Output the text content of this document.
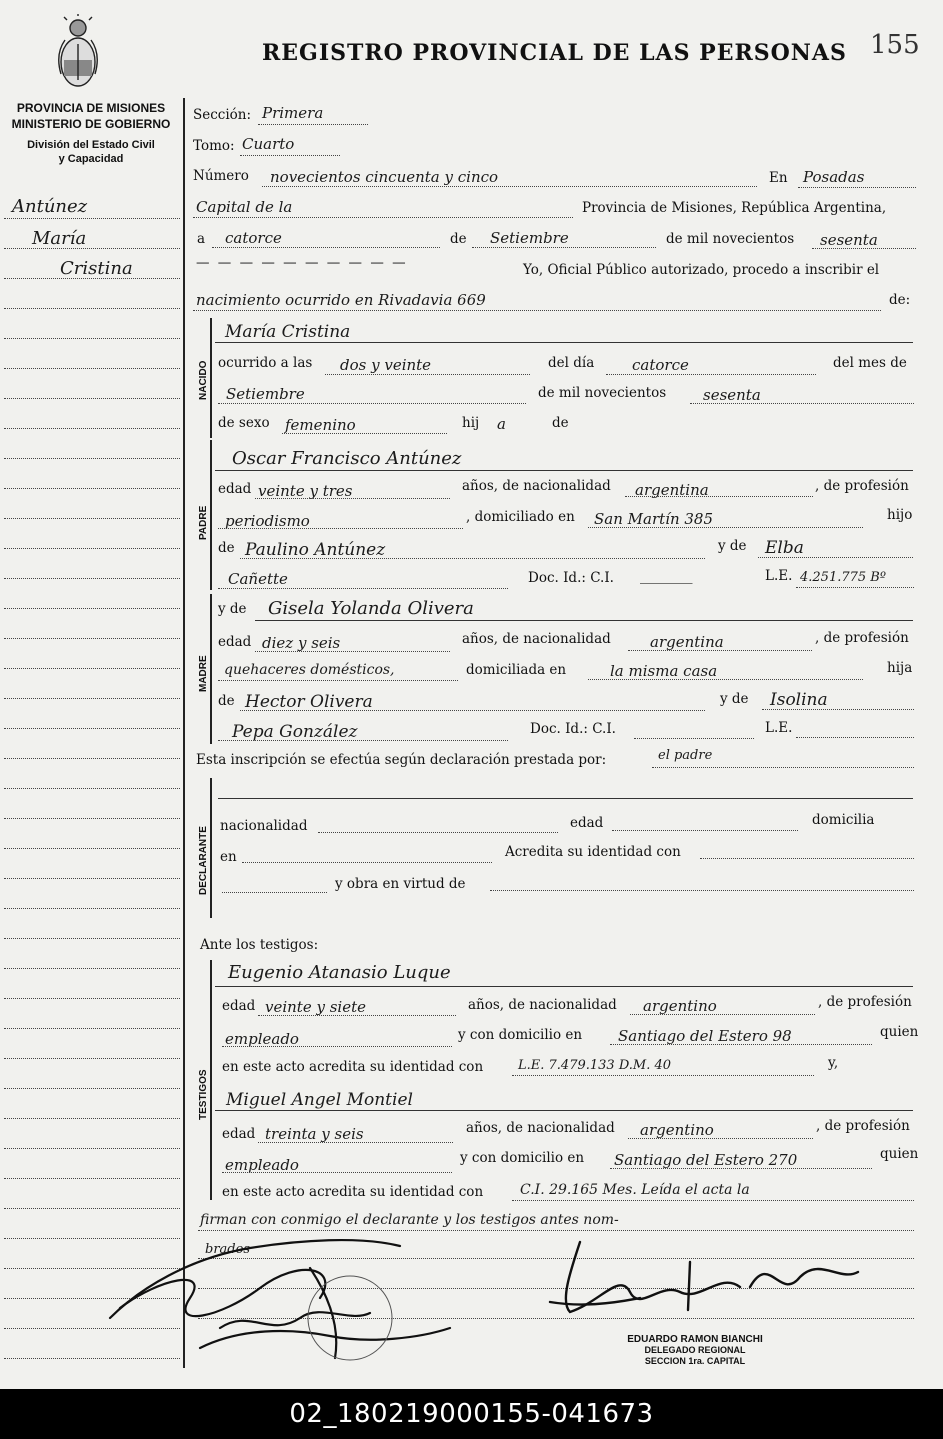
REGISTRO PROVINCIAL DE LAS PERSONAS 155
PROVINCIA DE MISIONES
MINISTERIO DE GOBIERNO
División del Estado Civil
y Capacidad
Antúnez
María
Cristina
Sección: Primera
Tomo: Cuarto
Número novecientos cincuenta y cinco	En Posadas
Capital de la	Provincia de Misiones, República Argentina,
a catorce	de Setiembre	de mil novecientos sesenta
— — — — — — — — — —	Yo, Oficial Público autorizado, procedo a inscribir el
nacimiento ocurrido en Rivadavia 669	de:
NACIDO
PADRE
MADRE
DECLARANTE
TESTIGOS
María Cristina
ocurrido a las dos y veinte	del día	catorce	del mes de
Setiembre	de mil novecientos sesenta
de sexo femenino	hij a	de
Oscar Francisco Antúnez
edad veinte y tres	años, de nacionalidad argentina	, de profesión
periodismo	, domiciliado en San Martín 385	hijo
de Paulino Antúnez	y de Elba
Cañette	Doc. Id.: C.I. _______	L.E. 4.251.775 Bº
y de Gisela Yolanda Olivera
edad diez y seis	años, de nacionalidad	argentina	, de profesión
quehaceres domésticos,	domiciliada en	la misma casa	hija
de Hector Olivera	y de Isolina
Pepa González	Doc. Id.: C.I.	L.E.
Esta inscripción se efectúa según declaración prestada por:	el padre
nacionalidad	edad	domicilia
en	Acredita su identidad con
y obra en virtud de
Ante los testigos:
Eugenio Atanasio Luque
edad veinte y siete	años, de nacionalidad argentino	, de profesión
empleado	y con domicilio en Santiago del Estero 98	quien
en este acto acredita su identidad con	L.E. 7.479.133 D.M. 40	y,
Miguel Angel Montiel
edad treinta y seis	años, de nacionalidad argentino	, de profesión
empleado	y con domicilio en Santiago del Estero 270	quien
en este acto acredita su identidad con	C.I. 29.165 Mes. Leída el acta la
firman con conmigo el declarante y los testigos antes nom-
brados
EDUARDO RAMON BIANCHI
DELEGADO REGIONAL
SECCION 1ra. CAPITAL
02_180219000155-041673
